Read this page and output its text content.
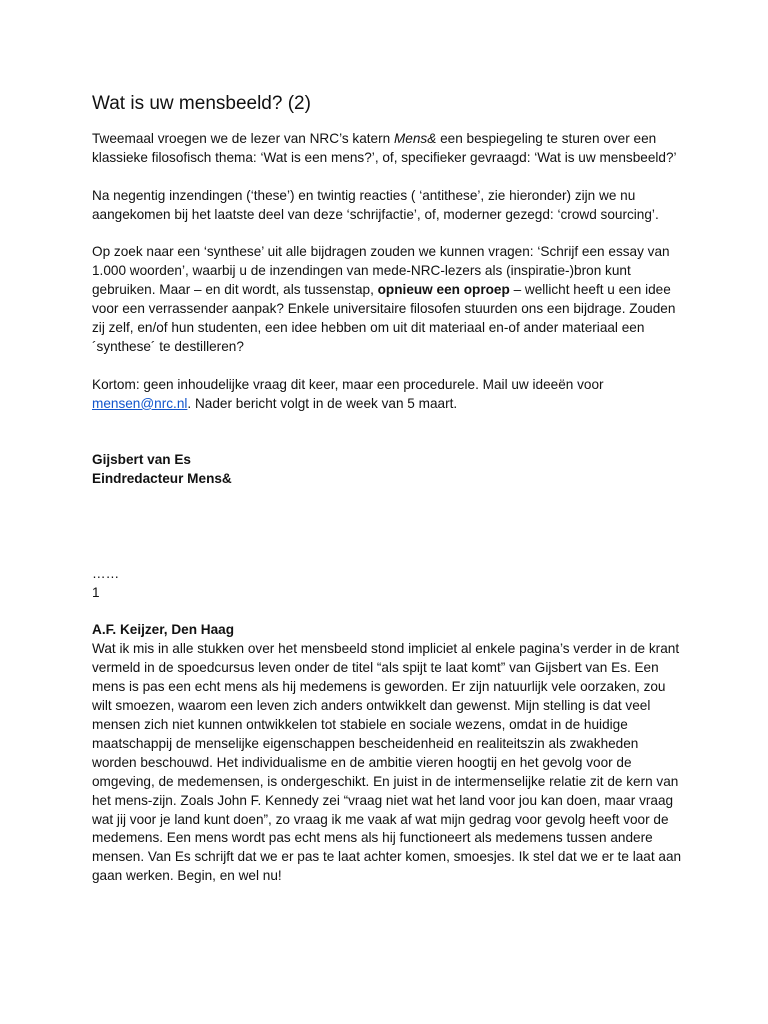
Wat is uw mensbeeld? (2)

Tweemaal vroegen we de lezer van NRC’s katern Mens& een bespiegeling te sturen over een klassieke filosofisch thema: ‘Wat is een mens?’, of, specifieker gevraagd: ‘Wat is uw mensbeeld?’

Na negentig inzendingen (‘these’) en twintig reacties ( ‘antithese’, zie hieronder) zijn we nu aangekomen bij het laatste deel van deze ‘schrijfactie’, of, moderner gezegd: ‘crowd sourcing’.

Op zoek naar een ‘synthese’ uit alle bijdragen zouden we kunnen vragen: ‘Schrijf een essay van 1.000 woorden’, waarbij u de inzendingen van mede-NRC-lezers als (inspiratie-)bron kunt gebruiken. Maar – en dit wordt, als tussenstap, opnieuw een oproep – wellicht heeft u een idee voor een verrassender aanpak? Enkele universitaire filosofen stuurden ons een bijdrage. Zouden zij zelf, en/of hun studenten, een idee hebben om uit dit materiaal en-of ander materiaal een ´synthese´ te destilleren?

Kortom: geen inhoudelijke vraag dit keer, maar een procedurele. Mail uw ideeën voor mensen@nrc.nl. Nader bericht volgt in de week van 5 maart.

Gijsbert van Es

Eindredacteur Mens&

……

1

A.F. Keijzer, Den Haag

Wat ik mis in alle stukken over het mensbeeld stond impliciet al enkele pagina’s verder in de krant vermeld in de spoedcursus leven onder de titel “als spijt te laat komt” van Gijsbert van Es. Een mens is pas een echt mens als hij medemens is geworden. Er zijn natuurlijk vele oorzaken, zou wilt smoezen, waarom een leven zich anders ontwikkelt dan gewenst. Mijn stelling is dat veel mensen zich niet kunnen ontwikkelen tot stabiele en sociale wezens, omdat in de huidige maatschappij de menselijke eigenschappen bescheidenheid en realiteitszin als zwakheden worden beschouwd. Het individualisme en de ambitie vieren hoogtij en het gevolg voor de omgeving, de medemensen, is ondergeschikt. En juist in de intermenselijke relatie zit de kern van het mens-zijn. Zoals John F. Kennedy zei “vraag niet wat het land voor jou kan doen, maar vraag wat jij voor je land kunt doen”, zo vraag ik me vaak af wat mijn gedrag voor gevolg heeft voor de medemens. Een mens wordt pas echt mens als hij functioneert als medemens tussen andere mensen. Van Es schrijft dat we er pas te laat achter komen, smoesjes. Ik stel dat we er te laat aan gaan werken. Begin, en wel nu!
